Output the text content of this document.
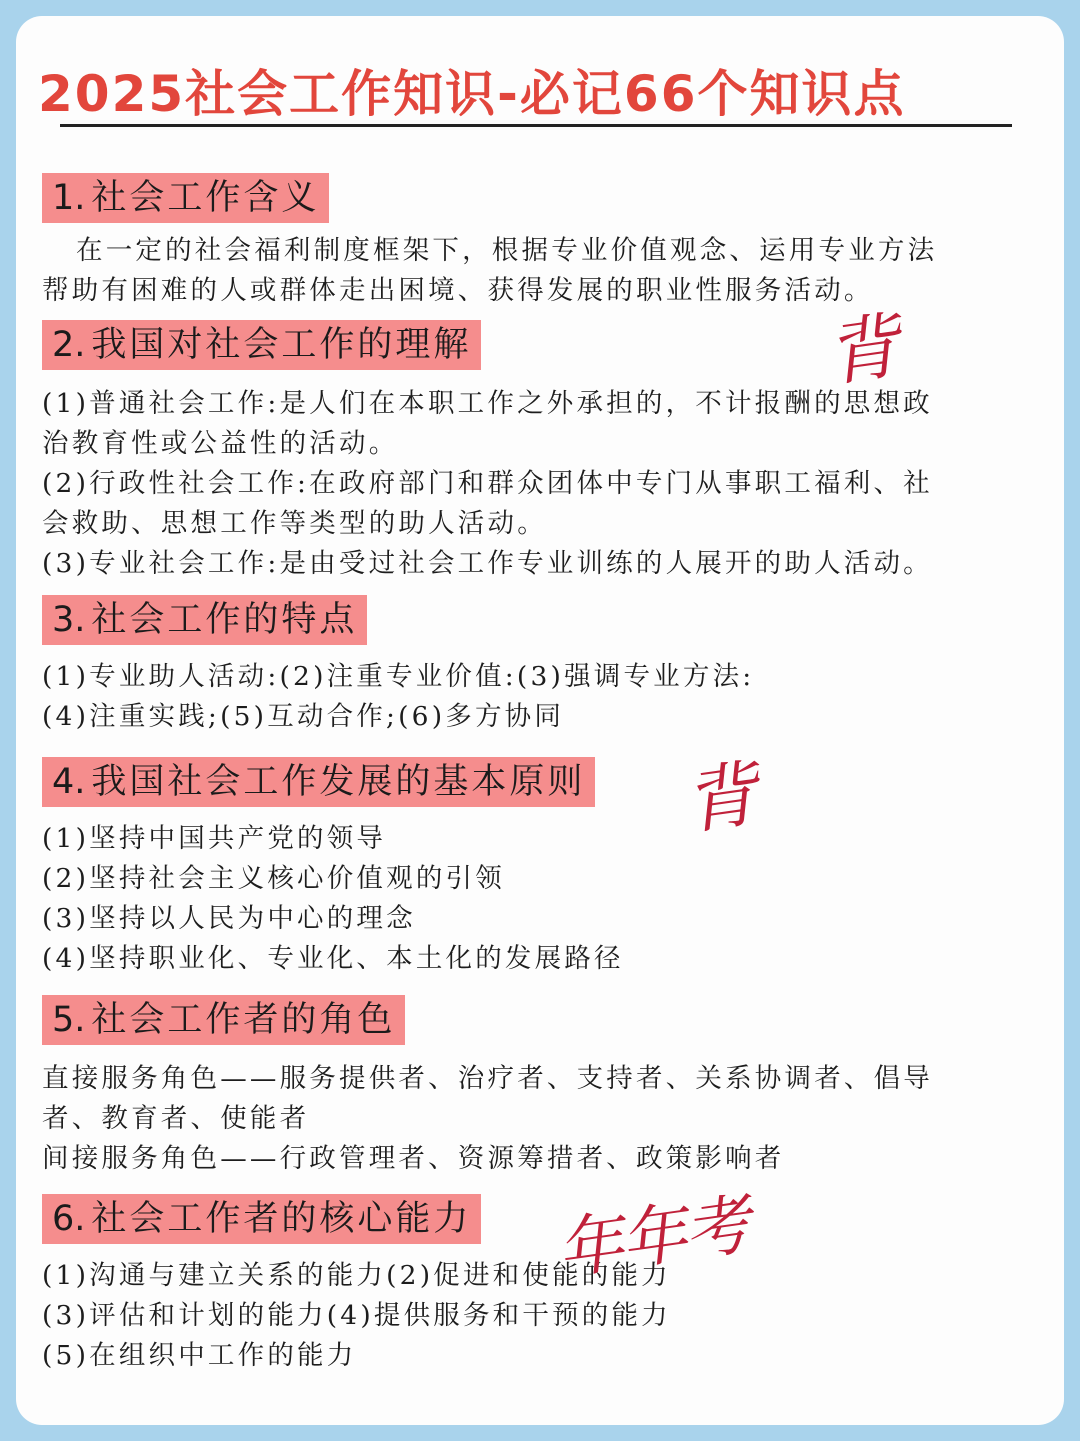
2025社会工作知识-必记66个知识点
1. 社会工作含义
在一定的社会福利制度框架下，根据专业价值观念、运用专业方法
帮助有困难的人或群体走出困境、获得发展的职业性服务活动。
2. 我国对社会工作的理解
(1)普通社会工作:是人们在本职工作之外承担的，不计报酬的思想政
治教育性或公益性的活动。
(2)行政性社会工作:在政府部门和群众团体中专门从事职工福利、社
会救助、思想工作等类型的助人活动。
(3)专业社会工作:是由受过社会工作专业训练的人展开的助人活动。
3. 社会工作的特点
(1)专业助人活动:(2)注重专业价值:(3)强调专业方法:
(4)注重实践;(5)互动合作;(6)多方协同
4. 我国社会工作发展的基本原则
(1)坚持中国共产党的领导
(2)坚持社会主义核心价值观的引领
(3)坚持以人民为中心的理念
(4)坚持职业化、专业化、本土化的发展路径
5. 社会工作者的角色
直接服务角色——服务提供者、治疗者、支持者、关系协调者、倡导
者、教育者、使能者
间接服务角色——行政管理者、资源筹措者、政策影响者
6. 社会工作者的核心能力
(1)沟通与建立关系的能力(2)促进和使能的能力
(3)评估和计划的能力(4)提供服务和干预的能力
(5)在组织中工作的能力
背
背
年年考
